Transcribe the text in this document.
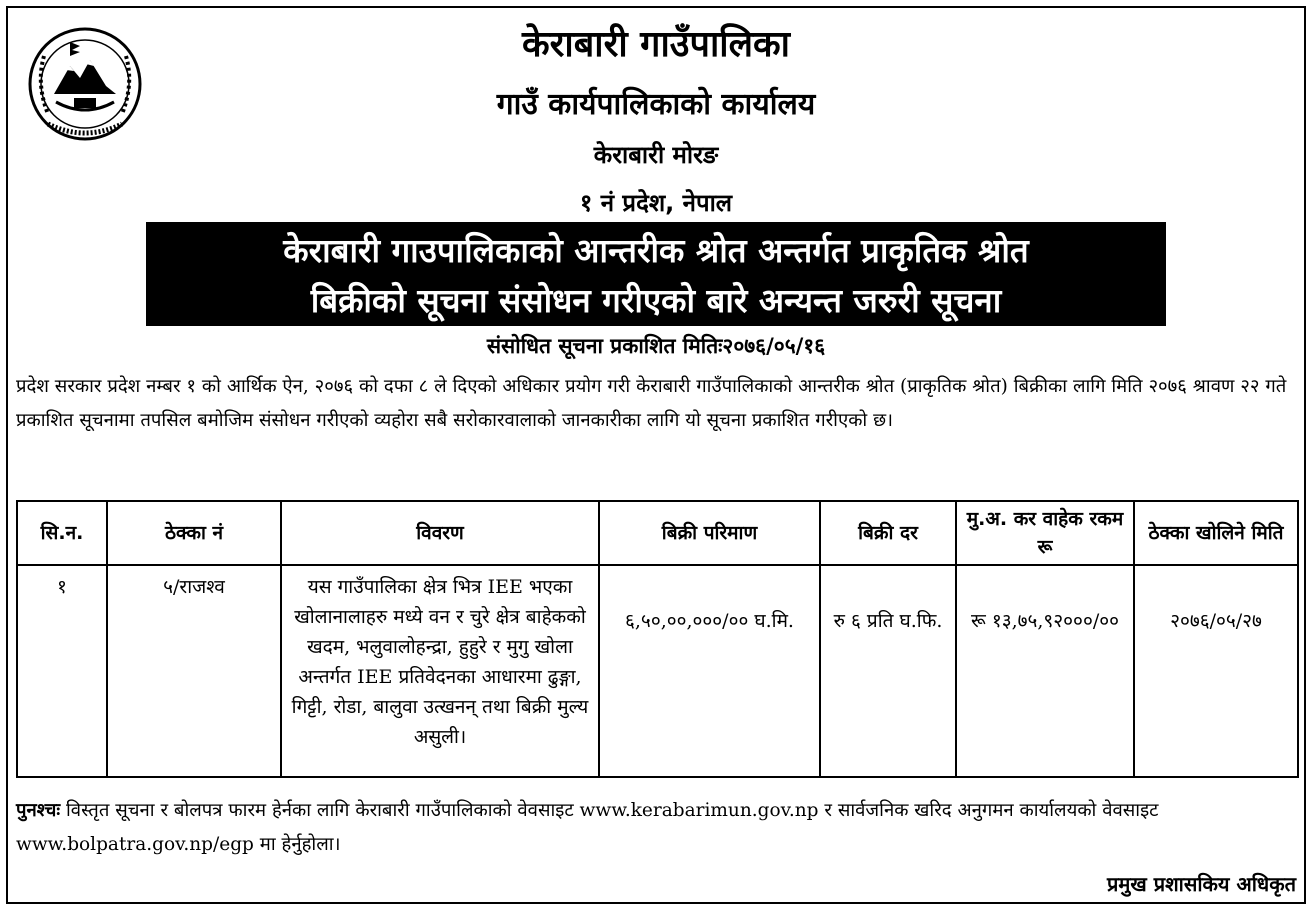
केराबारी गाउँपालिका
गाउँ कार्यपालिकाको कार्यालय
केराबारी मोरङ
१ नं प्रदेश, नेपाल
केराबारी गाउपालिकाको आन्तरीक श्रोत अन्तर्गत प्राकृतिक श्रोत
बिक्रीको सूचना संसोधन गरीएको बारे अन्यन्त जरुरी सूचना
संसोधित सूचना प्रकाशित मितिः२०७६/०५/१६
प्रदेश सरकार प्रदेश नम्बर १ को आर्थिक ऐन, २०७६ को दफा ८ ले दिएको अधिकार प्रयोग गरी केराबारी गाउँपालिकाको आन्तरीक श्रोत (प्राकृतिक श्रोत) बिक्रीका लागि मिति २०७६ श्रावण २२ गते प्रकाशित सूचनामा तपसिल बमोजिम संसोधन गरीएको व्यहोरा सबै सरोकारवालाको जानकारीका लागि यो सूचना प्रकाशित गरीएको छ।
सि.न.	ठेक्का नं	विवरण	बिक्री परिमाण	बिक्री दर	मु.अ. कर वाहेक रकम रू	ठेक्का खोलिने मिति
१	५/राजश्व	यस गाउँपालिका क्षेत्र भित्र IEE भएका खोलानालाहरु मध्ये वन र चुरे क्षेत्र बाहेकको खदम, भलुवालोहन्द्रा, हुहुरे र मुगु खोला अन्तर्गत IEE प्रतिवेदनका आधारमा ढुङ्गा, गिट्टी, रोडा, बालुवा उत्खनन् तथा बिक्री मुल्य असुली।	६,५०,००,०००/०० घ.मि.	रु ६ प्रति घ.फि.	रू १३,७५,९२०००/००	२०७६/०५/२७
पुनश्चः विस्तृत सूचना र बोलपत्र फारम हेर्नका लागि केराबारी गाउँपालिकाको वेवसाइट www.kerabarimun.gov.np र सार्वजनिक खरिद अनुगमन कार्यालयको वेवसाइट www.bolpatra.gov.np/egp मा हेर्नुहोला।
प्रमुख प्रशासकिय अधिकृत
